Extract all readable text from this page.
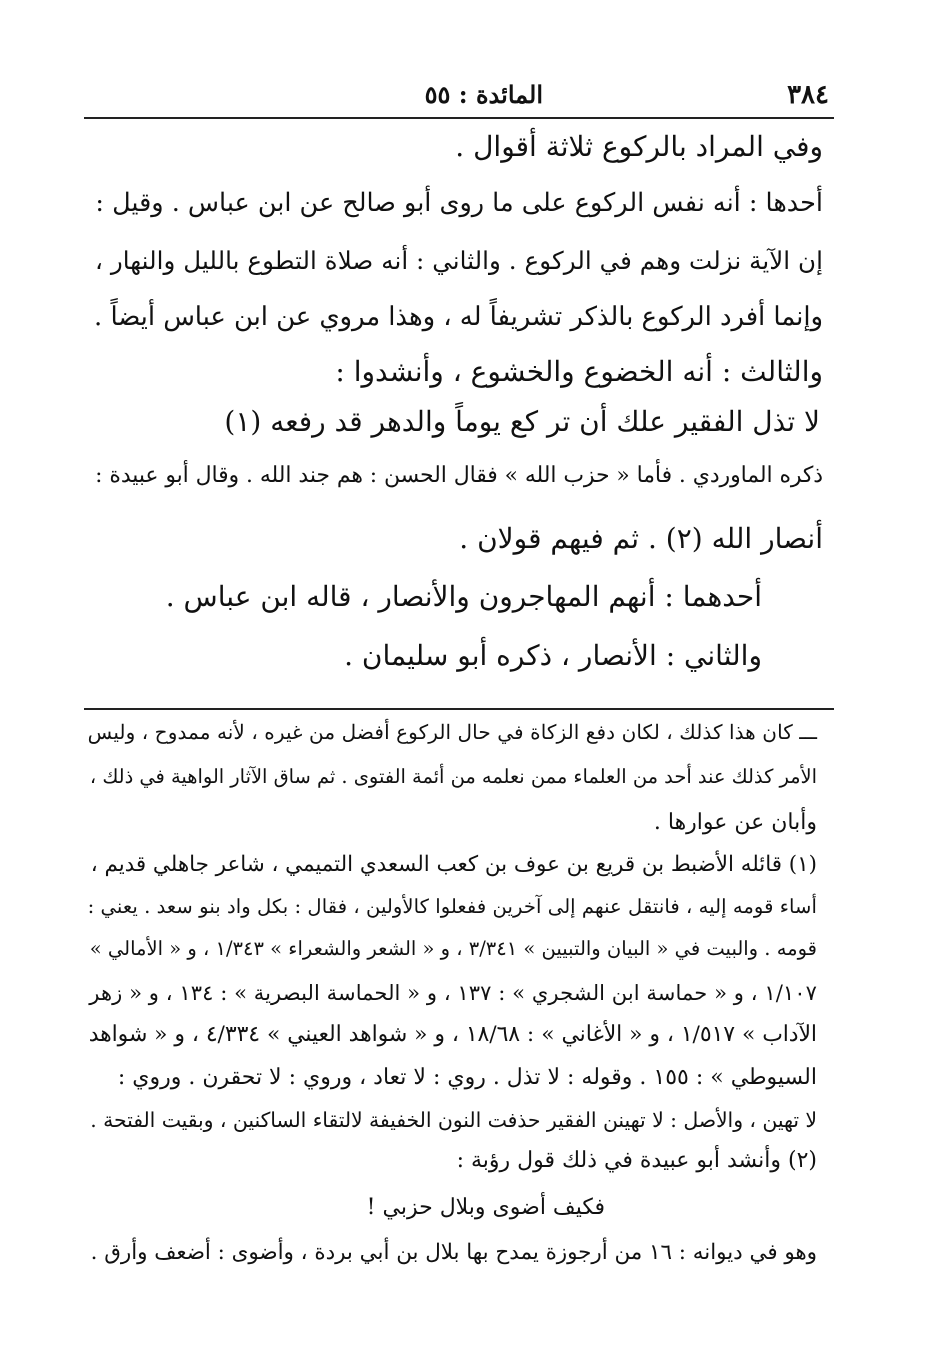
٣٨٤
المائدة : ٥٥
وفي المراد بالركوع ثلاثة أقوال .
أحدها : أنه نفس الركوع على ما روى أبو صالح عن ابن عباس . وقيل :
إن الآية نزلت وهم في الركوع . والثاني : أنه صلاة التطوع بالليل والنهار ،
وإنما أفرد الركوع بالذكر تشريفاً له ، وهذا مروي عن ابن عباس أيضاً .
والثالث : أنه الخضوع والخشوع ، وأنشدوا :
لا تذل الفقير علك أن تر كع يوماً والدهر قد رفعه (١)
ذكره الماوردي . فأما « حزب الله » فقال الحسن : هم جند الله . وقال أبو عبيدة :
أنصار الله (٢) . ثم فيهم قولان .
أحدهما : أنهم المهاجرون والأنصار ، قاله ابن عباس .
والثاني : الأنصار ، ذكره أبو سليمان .
ـــ كان هذا كذلك ، لكان دفع الزكاة في حال الركوع أفضل من غيره ، لأنه ممدوح ، وليس
الأمر كذلك عند أحد من العلماء ممن نعلمه من أئمة الفتوى . ثم ساق الآثار الواهية في ذلك ،
وأبان عن عوارها .
(١) قائله الأضبط بن قريع بن عوف بن كعب السعدي التميمي ، شاعر جاهلي قديم ،
أساء قومه إليه ، فانتقل عنهم إلى آخرين ففعلوا كالأولين ، فقال : بكل واد بنو سعد . يعني :
قومه . والبيت في « البيان والتبيين » ٣/٣٤١ ، و « الشعر والشعراء » ١/٣٤٣ ، و « الأمالي »
١/١٠٧ ، و « حماسة ابن الشجري » : ١٣٧ ، و « الحماسة البصرية » : ١٣٤ ، و « زهر
الآداب » ١/٥١٧ ، و « الأغاني » : ١٨/٦٨ ، و « شواهد العيني » ٤/٣٣٤ ، و « شواهد
السيوطي » : ١٥٥ . وقوله : لا تذل . روي : لا تعاد ، وروي : لا تحقرن . وروي :
لا تهين ، والأصل : لا تهينن الفقير حذفت النون الخفيفة لالتقاء الساكنين ، وبقيت الفتحة .
(٢) وأنشد أبو عبيدة في ذلك قول رؤبة :
فكيف أضوى وبلال حزبي !
وهو في ديوانه : ١٦ من أرجوزة يمدح بها بلال بن أبي بردة ، وأضوى : أضعف وأرق .
